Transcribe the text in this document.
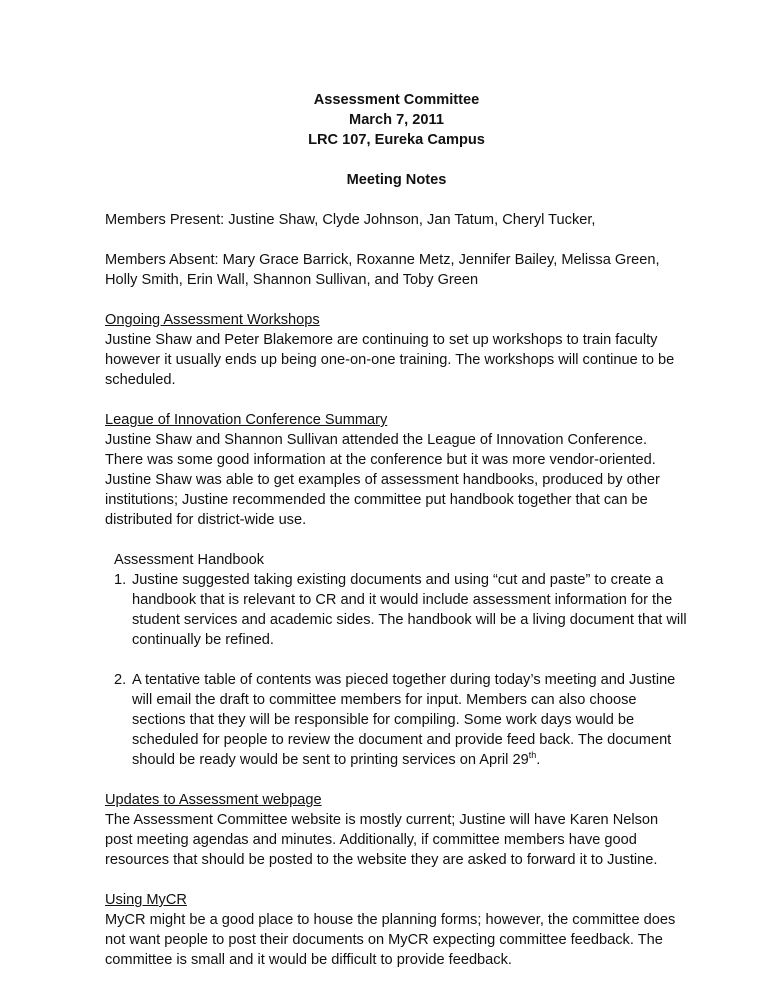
Assessment Committee
March 7, 2011
LRC 107, Eureka Campus
Meeting Notes

Members Present: Justine Shaw, Clyde Johnson, Jan Tatum, Cheryl Tucker,

Members Absent: Mary Grace Barrick, Roxanne Metz, Jennifer Bailey, Melissa Green, Holly Smith, Erin Wall, Shannon Sullivan, and Toby Green

Ongoing Assessment Workshops

Justine Shaw and Peter Blakemore are continuing to set up workshops to train faculty however it usually ends up being one-on-one training. The workshops will continue to be scheduled.

League of Innovation Conference Summary

Justine Shaw and Shannon Sullivan attended the League of Innovation Conference. There was some good information at the conference but it was more vendor-oriented. Justine Shaw was able to get examples of assessment handbooks, produced by other institutions; Justine recommended the committee put handbook together that can be distributed for district-wide use.

Assessment Handbook

1. Justine suggested taking existing documents and using “cut and paste” to create a handbook that is relevant to CR and it would include assessment information for the student services and academic sides. The handbook will be a living document that will continually be refined.
2. A tentative table of contents was pieced together during today’s meeting and Justine will email the draft to committee members for input. Members can also choose sections that they will be responsible for compiling. Some work days would be scheduled for people to review the document and provide feed back. The document should be ready would be sent to printing services on April 29th.

Updates to Assessment webpage

The Assessment Committee website is mostly current; Justine will have Karen Nelson post meeting agendas and minutes. Additionally, if committee members have good resources that should be posted to the website they are asked to forward it to Justine.

Using MyCR

MyCR might be a good place to house the planning forms; however, the committee does not want people to post their documents on MyCR expecting committee feedback. The committee is small and it would be difficult to provide feedback.
